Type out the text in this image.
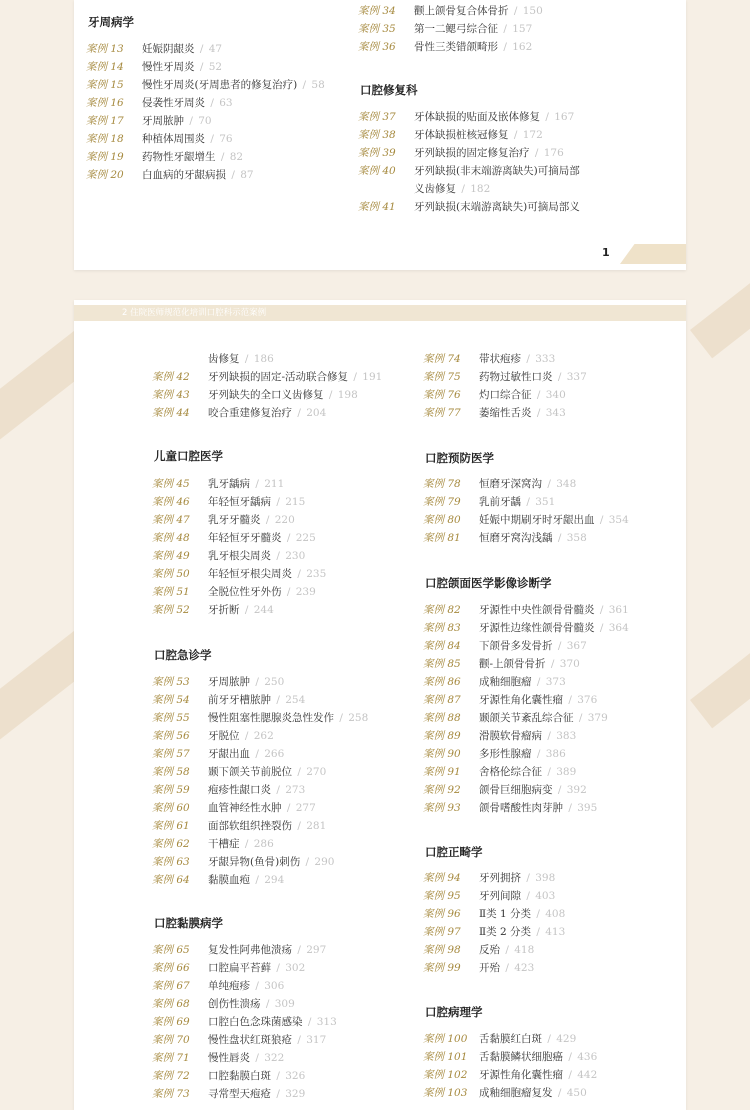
牙周病学
案例 13	妊娠阴龈炎 / 47
案例 14	慢性牙周炎 / 52
案例 15	慢性牙周炎(牙周患者的修复治疗) / 58
案例 16	侵袭性牙周炎 / 63
案例 17	牙周脓肿 / 70
案例 18	种植体周围炎 / 76
案例 19	药物性牙龈增生 / 82
案例 20	白血病的牙龈病损 / 87
案例 34	颧上颌骨复合体骨折 / 150
案例 35	第一二鳃弓综合征 / 157
案例 36	骨性三类错颌畸形 / 162
口腔修复科
案例 37	牙体缺损的贴面及嵌体修复 / 167
案例 38	牙体缺损桩核冠修复 / 172
案例 39	牙列缺损的固定修复治疗 / 176
案例 40	牙列缺损(非末端游离缺失)可摘局部
义齿修复 / 182
案例 41	牙列缺损(末端游离缺失)可摘局部义
1
2 住院医师规范化培训口腔科示范案例
齿修复 / 186
案例 42	牙列缺损的固定-活动联合修复 / 191
案例 43	牙列缺失的全口义齿修复 / 198
案例 44	咬合重建修复治疗 / 204
儿童口腔医学
案例 45	乳牙龋病 / 211
案例 46	年轻恒牙龋病 / 215
案例 47	乳牙牙髓炎 / 220
案例 48	年轻恒牙牙髓炎 / 225
案例 49	乳牙根尖周炎 / 230
案例 50	年轻恒牙根尖周炎 / 235
案例 51	全脱位性牙外伤 / 239
案例 52	牙折断 / 244
口腔急诊学
案例 53	牙周脓肿 / 250
案例 54	前牙牙槽脓肿 / 254
案例 55	慢性阻塞性腮腺炎急性发作 / 258
案例 56	牙脱位 / 262
案例 57	牙龈出血 / 266
案例 58	颞下颌关节前脱位 / 270
案例 59	疱疹性龈口炎 / 273
案例 60	血管神经性水肿 / 277
案例 61	面部软组织挫裂伤 / 281
案例 62	干槽症 / 286
案例 63	牙龈异物(鱼骨)刺伤 / 290
案例 64	黏膜血疱 / 294
口腔黏膜病学
案例 65	复发性阿弗他溃疡 / 297
案例 66	口腔扁平苔藓 / 302
案例 67	单纯疱疹 / 306
案例 68	创伤性溃疡 / 309
案例 69	口腔白色念珠菌感染 / 313
案例 70	慢性盘状红斑狼疮 / 317
案例 71	慢性唇炎 / 322
案例 72	口腔黏膜白斑 / 326
案例 73	寻常型天疱疮 / 329
案例 74	带状疱疹 / 333
案例 75	药物过敏性口炎 / 337
案例 76	灼口综合征 / 340
案例 77	萎缩性舌炎 / 343
口腔预防医学
案例 78	恒磨牙深窝沟 / 348
案例 79	乳前牙龋 / 351
案例 80	妊娠中期刷牙时牙龈出血 / 354
案例 81	恒磨牙窝沟浅龋 / 358
口腔颌面医学影像诊断学
案例 82	牙源性中央性颌骨骨髓炎 / 361
案例 83	牙源性边缘性颌骨骨髓炎 / 364
案例 84	下颌骨多发骨折 / 367
案例 85	颧-上颌骨骨折 / 370
案例 86	成釉细胞瘤 / 373
案例 87	牙源性角化囊性瘤 / 376
案例 88	颞颌关节紊乱综合征 / 379
案例 89	滑膜软骨瘤病 / 383
案例 90	多形性腺瘤 / 386
案例 91	舍格伦综合征 / 389
案例 92	颌骨巨细胞病变 / 392
案例 93	颌骨嗜酸性肉芽肿 / 395
口腔正畸学
案例 94	牙列拥挤 / 398
案例 95	牙列间隙 / 403
案例 96	Ⅱ类 1 分类 / 408
案例 97	Ⅱ类 2 分类 / 413
案例 98	反殆 / 418
案例 99	开殆 / 423
口腔病理学
案例 100	舌黏膜红白斑 / 429
案例 101	舌黏膜鳞状细胞癌 / 436
案例 102	牙源性角化囊性瘤 / 442
案例 103	成釉细胞瘤复发 / 450
